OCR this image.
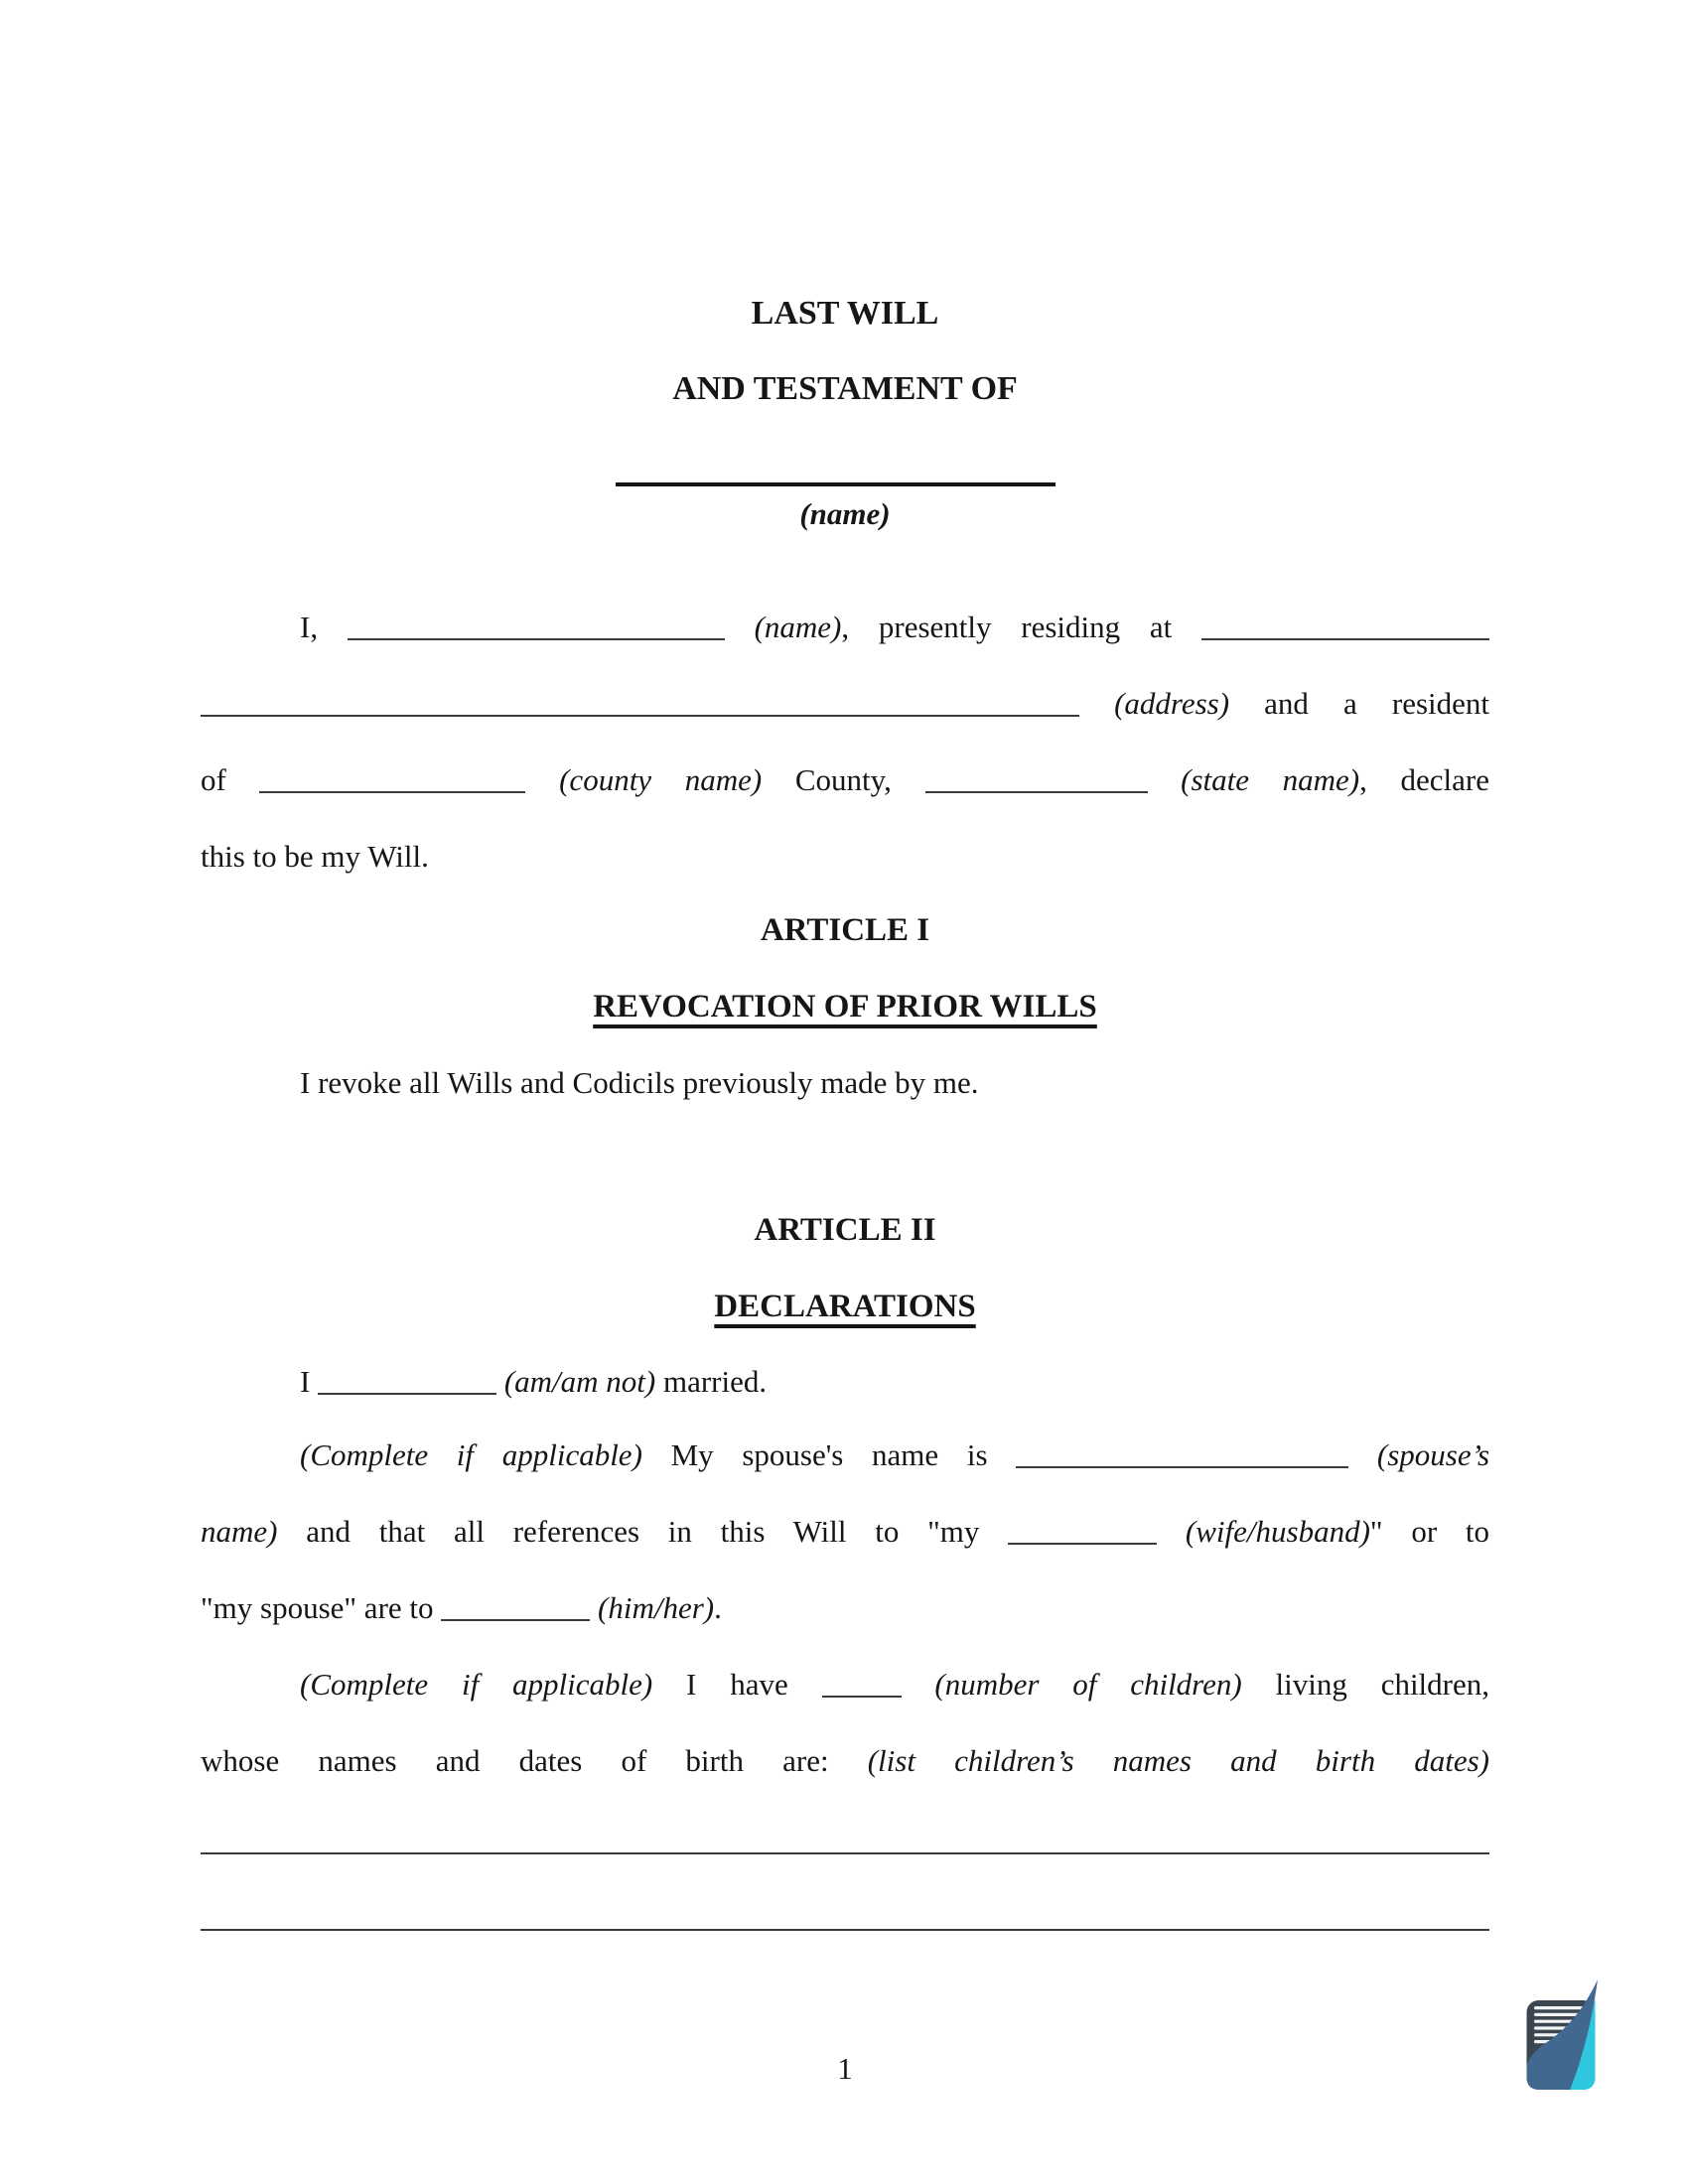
LAST WILL
AND TESTAMENT OF
(name)
I,	(name), presently residing at
(address) and a resident
of	(county name) County,	(state name), declare
this to be my Will.
ARTICLE I
REVOCATION OF PRIOR WILLS
I revoke all Wills and Codicils previously made by me.
ARTICLE II
DECLARATIONS
I	(am/am not) married.
(Complete if applicable) My spouse's name is	(spouse’s
name) and that all references in this Will to "my	(wife/husband)" or to
"my spouse" are to	(him/her).
(Complete if applicable) I have	(number of children) living children,
whose names and dates of birth are: (list children’s names and birth dates)
1
